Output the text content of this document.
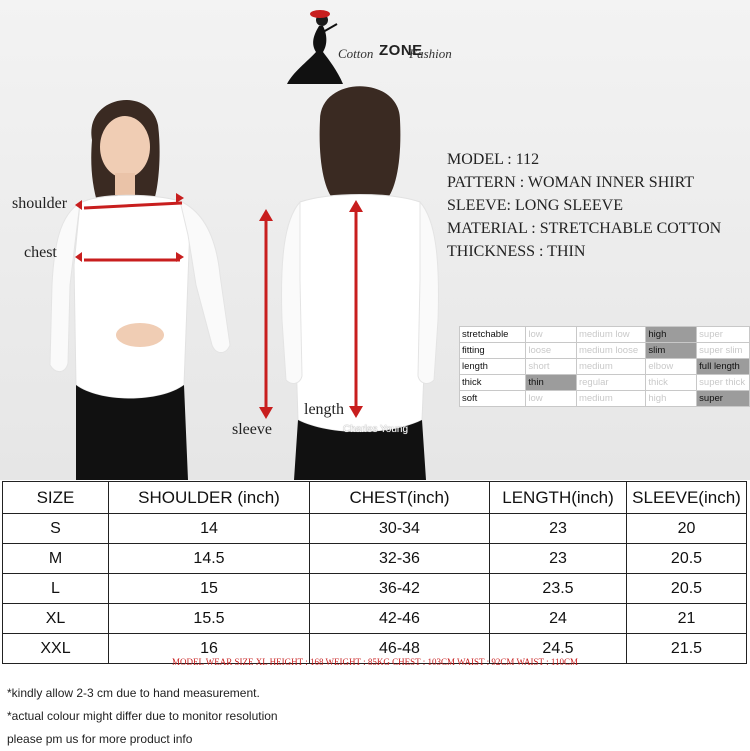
Cotton	Fashion
ZONE
shoulder
chest
sleeve
length
Charles Young
MODEL : 112
PATTERN : WOMAN INNER SHIRT
SLEEVE: LONG SLEEVE
MATERIAL : STRETCHABLE COTTON
THICKNESS : THIN
stretchable	low	medium low	high	super
fitting	loose	medium loose	slim	super slim
length	short	medium	elbow	full length
thick	thin	regular	thick	super thick
soft	low	medium	high	super
SIZE	SHOULDER (inch)	CHEST(inch)	LENGTH(inch)	SLEEVE(inch)
S	14	30-34	23	20
M	14.5	32-36	23	20.5
L	15	36-42	23.5	20.5
XL	15.5	42-46	24	21
XXL	16	46-48	24.5	21.5
MODEL WEAR SIZE XL HEIGHT : 168 WEIGHT : 85KG CHEST : 103CM WAIST : 92CM WAIST : 110CM
*kindly allow 2-3 cm due to hand measurement.
*actual colour might differ due to monitor resolution
please pm us for more product info
